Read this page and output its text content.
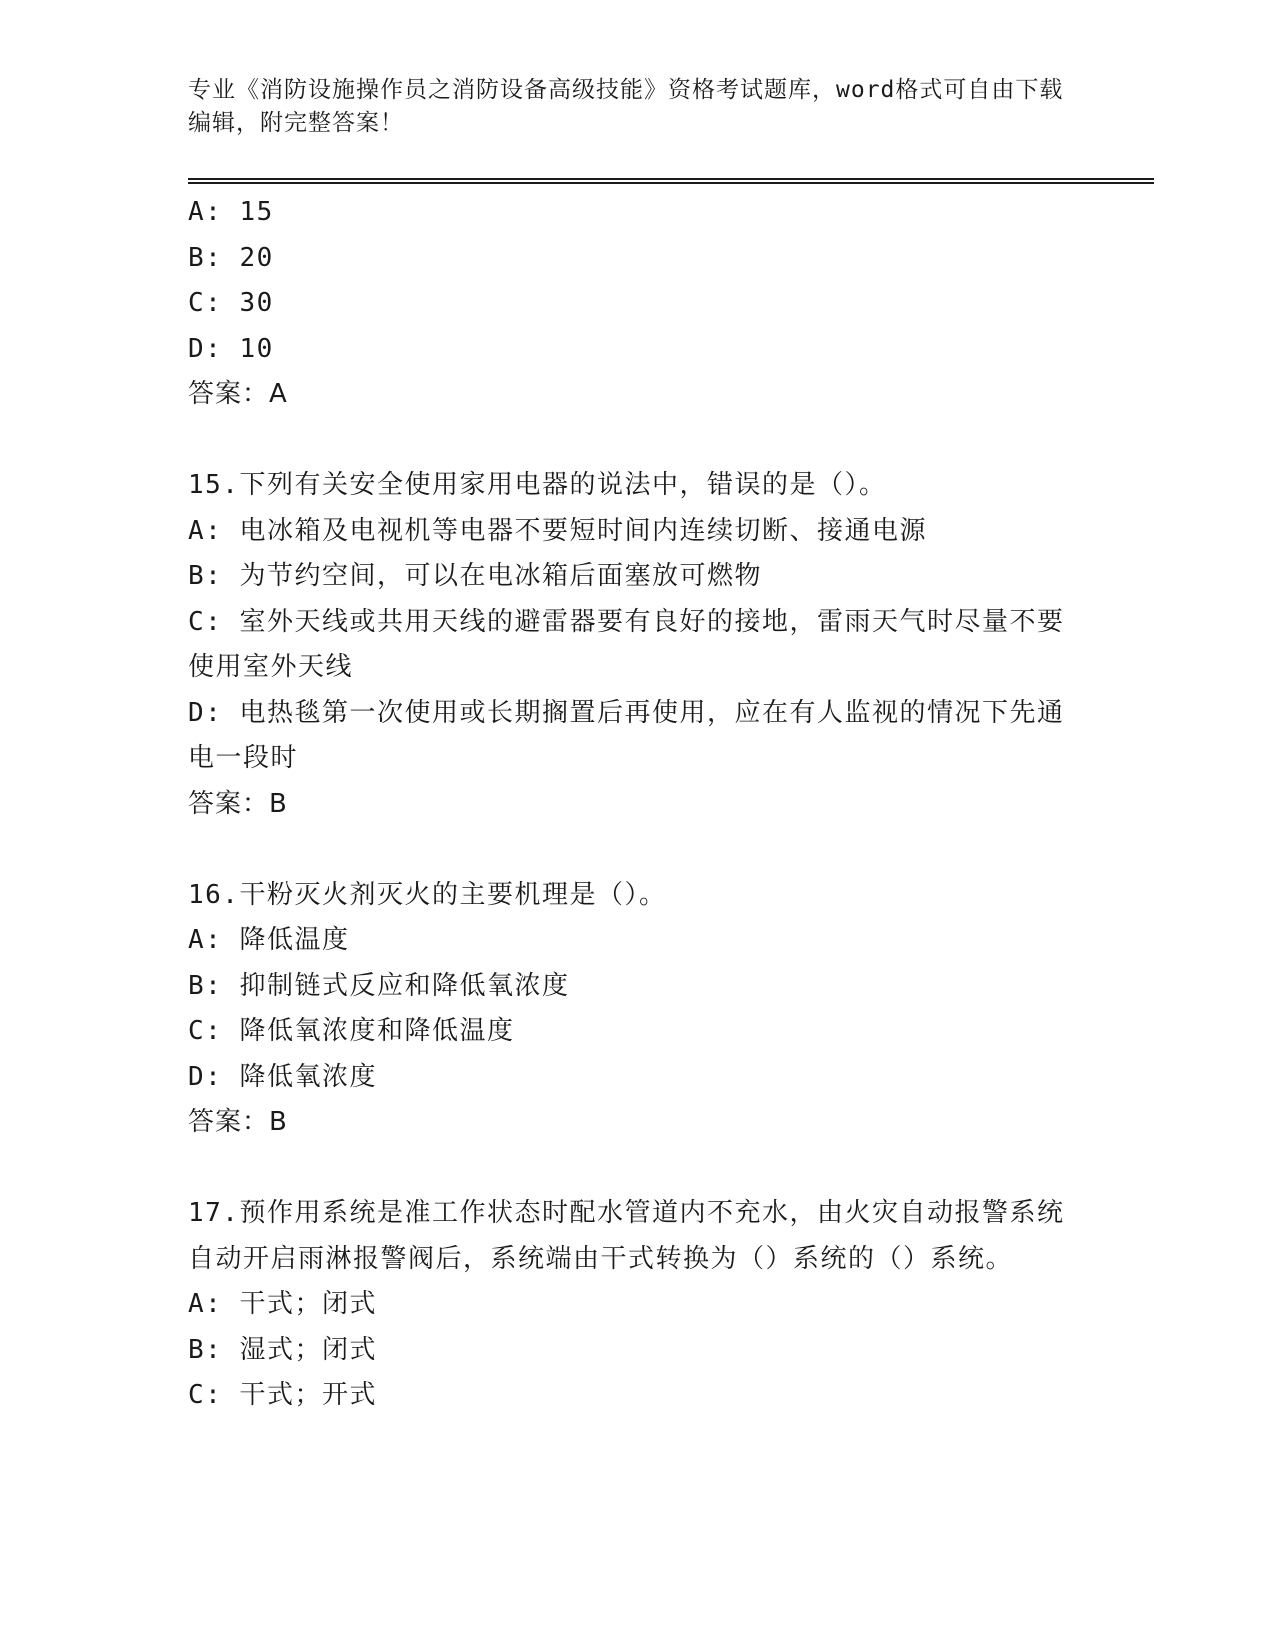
专业《消防设施操作员之消防设备高级技能》资格考试题库，word格式可自由下载编辑，附完整答案！
A: 15
B: 20
C: 30
D: 10
答案：A
15.下列有关安全使用家用电器的说法中，错误的是（）。
A: 电冰箱及电视机等电器不要短时间内连续切断、接通电源
B: 为节约空间，可以在电冰箱后面塞放可燃物
C: 室外天线或共用天线的避雷器要有良好的接地，雷雨天气时尽量不要使用室外天线
D: 电热毯第一次使用或长期搁置后再使用，应在有人监视的情况下先通电一段时
答案：B
16.干粉灭火剂灭火的主要机理是（）。
A: 降低温度
B: 抑制链式反应和降低氧浓度
C: 降低氧浓度和降低温度
D: 降低氧浓度
答案：B
17.预作用系统是准工作状态时配水管道内不充水，由火灾自动报警系统自动开启雨淋报警阀后，系统端由干式转换为（）系统的（）系统。
A: 干式；闭式
B: 湿式；闭式
C: 干式；开式
